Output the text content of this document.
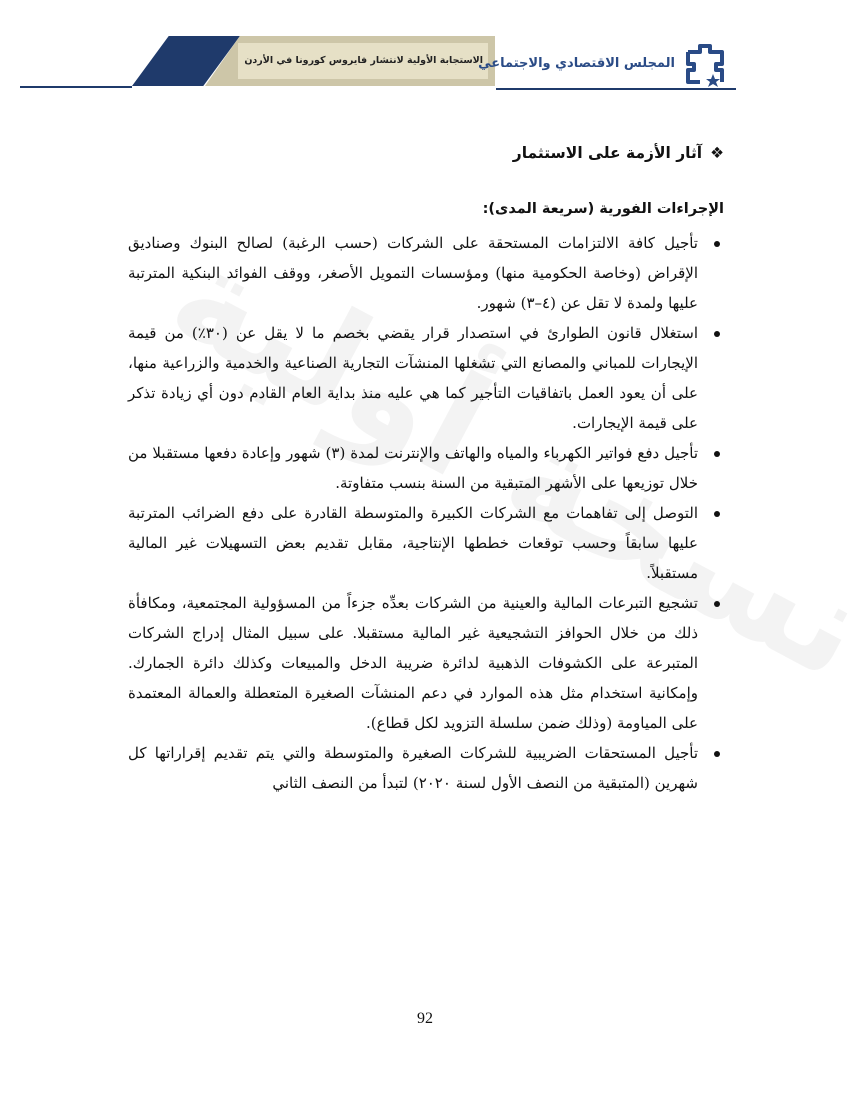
الاستجابة الأولية لانتشار فايروس كورونا في الأردن
المجلس الاقتصادي والاجتماعي
❖آثار الأزمة على الاستثمار
الإجراءات الفورية (سريعة المدى):
تأجيل كافة الالتزامات المستحقة على الشركات (حسب الرغبة) لصالح البنوك وصناديق الإقراض (وخاصة الحكومية منها) ومؤسسات التمويل الأصغر، ووقف الفوائد البنكية المترتبة عليها ولمدة لا تقل عن (٤–٣) شهور.
استغلال قانون الطوارئ في استصدار قرار يقضي بخصم ما لا يقل عن (٣٠٪) من قيمة الإيجارات للمباني والمصانع التي تشغلها المنشآت التجارية الصناعية والخدمية والزراعية منها، على أن يعود العمل باتفاقيات التأجير كما هي عليه منذ بداية العام القادم دون أي زيادة تذكر على قيمة الإيجارات.
تأجيل دفع فواتير الكهرباء والمياه والهاتف والإنترنت لمدة (٣) شهور وإعادة دفعها مستقبلا من خلال توزيعها على الأشهر المتبقية من السنة بنسب متفاوتة.
التوصل إلى تفاهمات مع الشركات الكبيرة والمتوسطة القادرة على دفع الضرائب المترتبة عليها سابقاً وحسب توقعات خططها الإنتاجية، مقابل تقديم بعض التسهيلات غير المالية مستقبلاً.
تشجيع التبرعات المالية والعينية من الشركات بعدِّه جزءاً من المسؤولية المجتمعية، ومكافأة ذلك من خلال الحوافز التشجيعية غير المالية مستقبلا. على سبيل المثال إدراج الشركات المتبرعة على الكشوفات الذهبية لدائرة ضريبة الدخل والمبيعات وكذلك دائرة الجمارك. وإمكانية استخدام مثل هذه الموارد في دعم المنشآت الصغيرة المتعطلة والعمالة المعتمدة على المياومة (وذلك ضمن سلسلة التزويد لكل قطاع).
تأجيل المستحقات الضريبية للشركات الصغيرة والمتوسطة والتي يتم تقديم إقراراتها كل شهرين (المتبقية من النصف الأول لسنة ٢٠٢٠) لتبدأ من النصف الثاني
92
